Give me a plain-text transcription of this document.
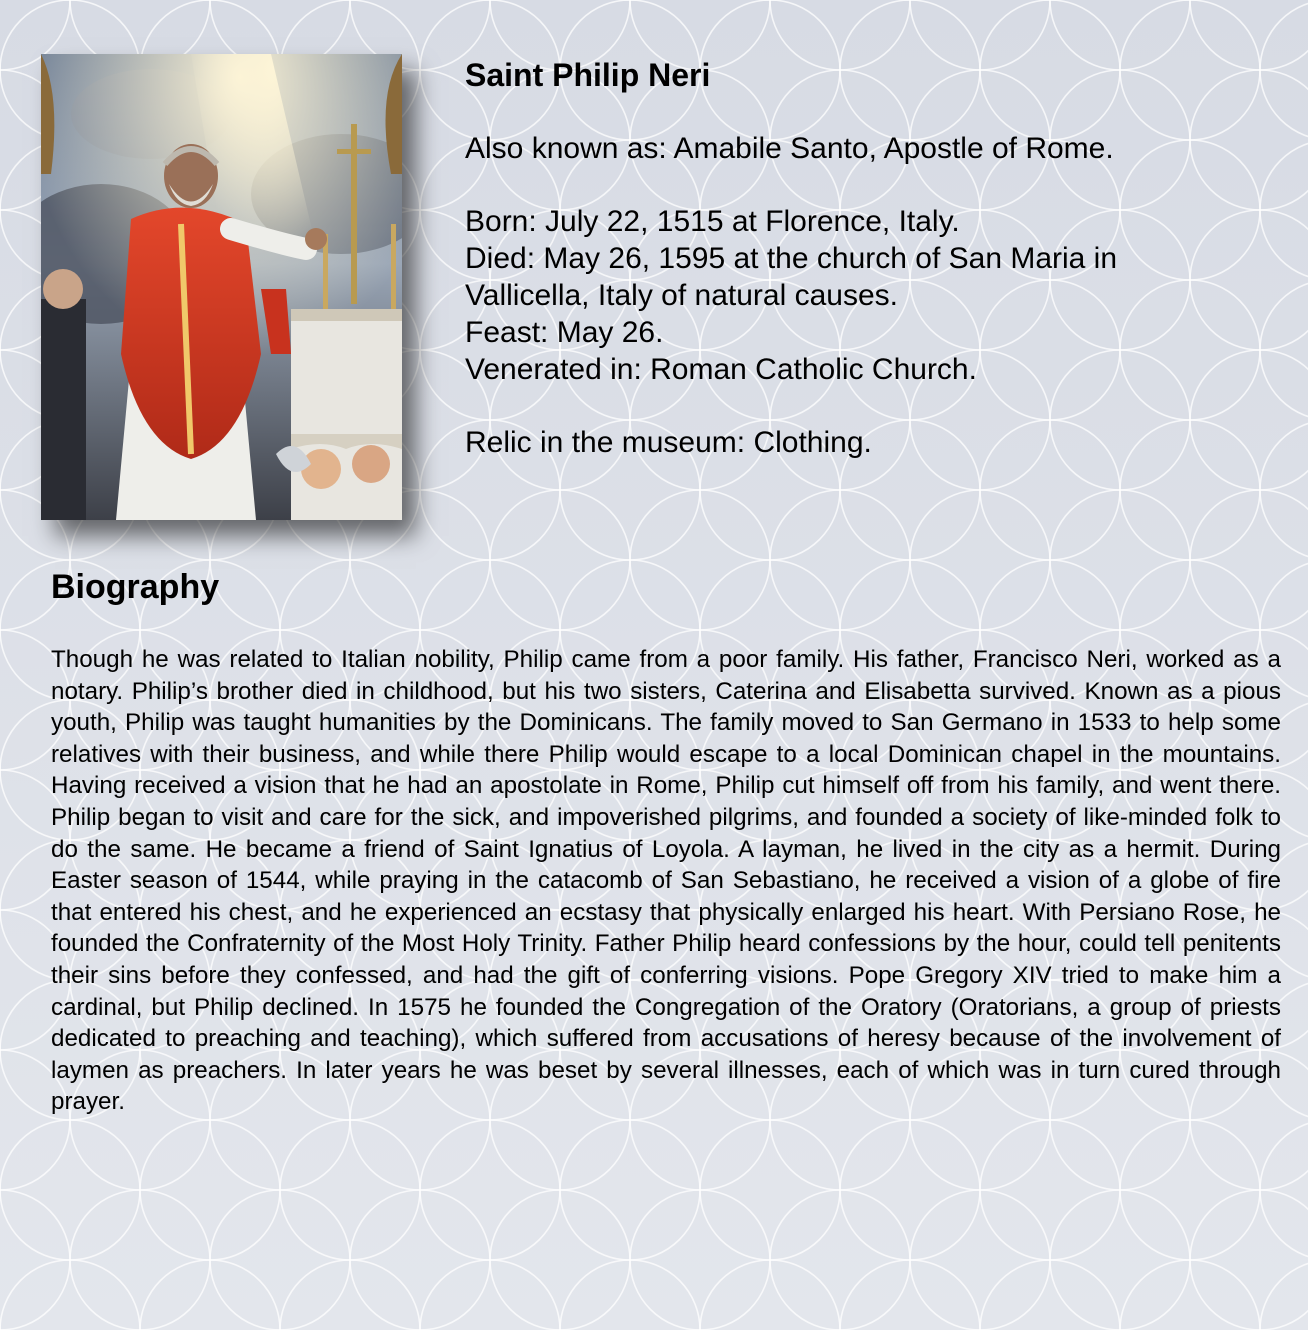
Saint Philip Neri

Also known as: Amabile Santo, Apostle of Rome.

Born: July 22, 1515 at Florence, Italy.

Died: May 26, 1595 at the church of San Maria in

Vallicella, Italy of natural causes.

Feast: May 26.

Venerated in: Roman Catholic Church.

Relic in the museum: Clothing.

Biography

Though he was related to Italian nobility, Philip came from a poor family. His father, Francisco Neri, worked as a notary. Philip’s brother died in childhood, but his two sisters, Caterina and Elisabetta survived. Known as a pious youth, Philip was taught humanities by the Dominicans. The family moved to San Germano in 1533 to help some relatives with their business, and while there Philip would escape to a local Dominican chapel in the mountains. Having received a vision that he had an apostolate in Rome, Philip cut himself off from his family, and went there. Philip began to visit and care for the sick, and impoverished pilgrims, and founded a society of like-minded folk to do the same. He became a friend of Saint Ignatius of Loyola. A layman, he lived in the city as a hermit. During Easter season of 1544, while praying in the catacomb of San Sebastiano, he received a vision of a globe of fire that entered his chest, and he experienced an ecstasy that physically enlarged his heart. With Persiano Rose, he founded the Confraternity of the Most Holy Trinity. Father Philip heard confessions by the hour, could tell penitents their sins before they confessed, and had the gift of conferring visions. Pope Gregory XIV tried to make him a cardinal, but Philip declined. In 1575 he founded the Congregation of the Oratory (Oratorians, a group of priests dedicated to preaching and teaching), which suffered from accusations of heresy because of the involvement of laymen as preachers. In later years he was beset by several illnesses, each of which was in turn cured through prayer.
